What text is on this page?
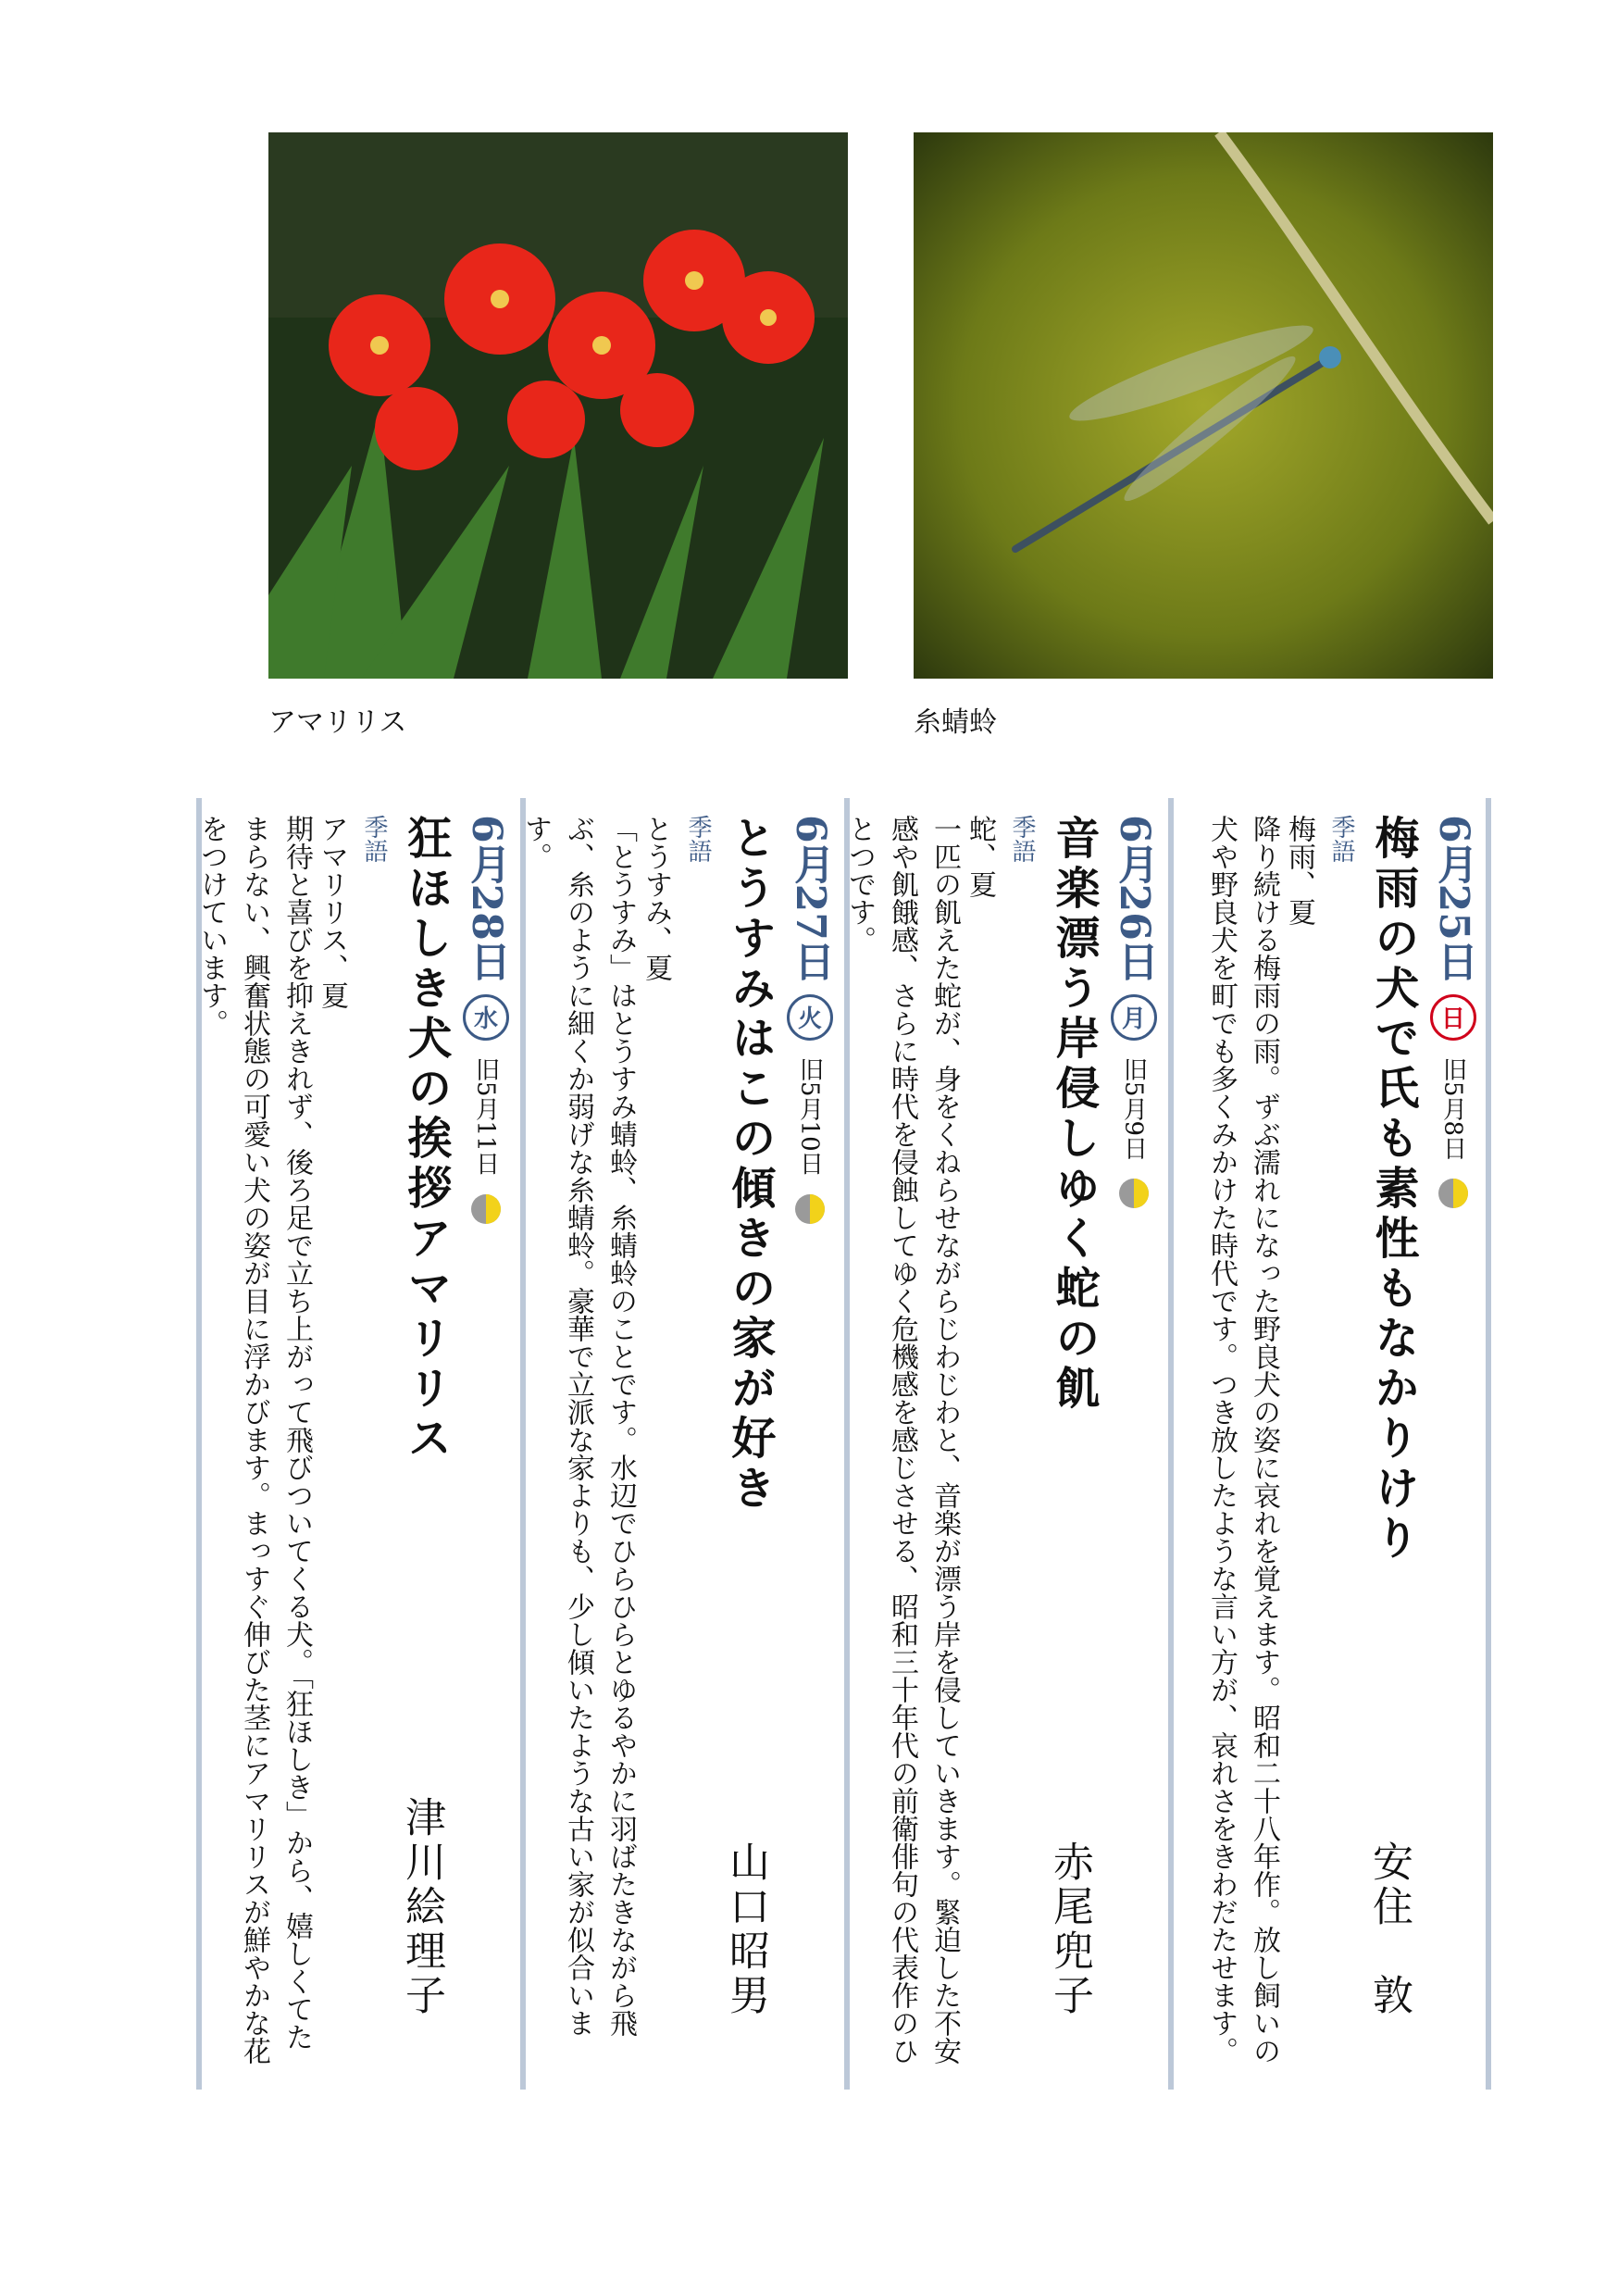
アマリリス	糸蜻蛉
6月25日
日
旧5月8日
梅雨の犬で氏も素性もなかりけり
安住　敦
季語
梅雨、夏
降り続ける梅雨の雨。ずぶ濡れになった野良犬の姿に哀れを覚えます。昭和二十八年作。放し飼いの犬や野良犬を町でも多くみかけた時代です。つき放したような言い方が、哀れさをきわだたせます。
6月26日
月
旧5月9日
音楽漂う岸侵しゆく蛇の飢
赤尾兜子
季語
蛇、夏
一匹の飢えた蛇が、身をくねらせながらじわじわと、音楽が漂う岸を侵していきます。緊迫した不安感や飢餓感、さらに時代を侵蝕してゆく危機感を感じさせる、昭和三十年代の前衛俳句の代表作のひとつです。
6月27日
火
旧5月10日
とうすみはこの傾きの家が好き
山口昭男
季語
とうすみ、夏
「とうすみ」はとうすみ蜻蛉、糸蜻蛉のことです。水辺でひらひらとゆるやかに羽ばたきながら飛ぶ、糸のように細くか弱げな糸蜻蛉。豪華で立派な家よりも、少し傾いたような古い家が似合います。
6月28日
水
旧5月11日
狂ほしき犬の挨拶アマリリス
津川絵理子
季語
アマリリス、夏
期待と喜びを抑えきれず、後ろ足で立ち上がって飛びついてくる犬。「狂ほしき」から、嬉しくてたまらない、興奮状態の可愛い犬の姿が目に浮かびます。まっすぐ伸びた茎にアマリリスが鮮やかな花をつけています。
